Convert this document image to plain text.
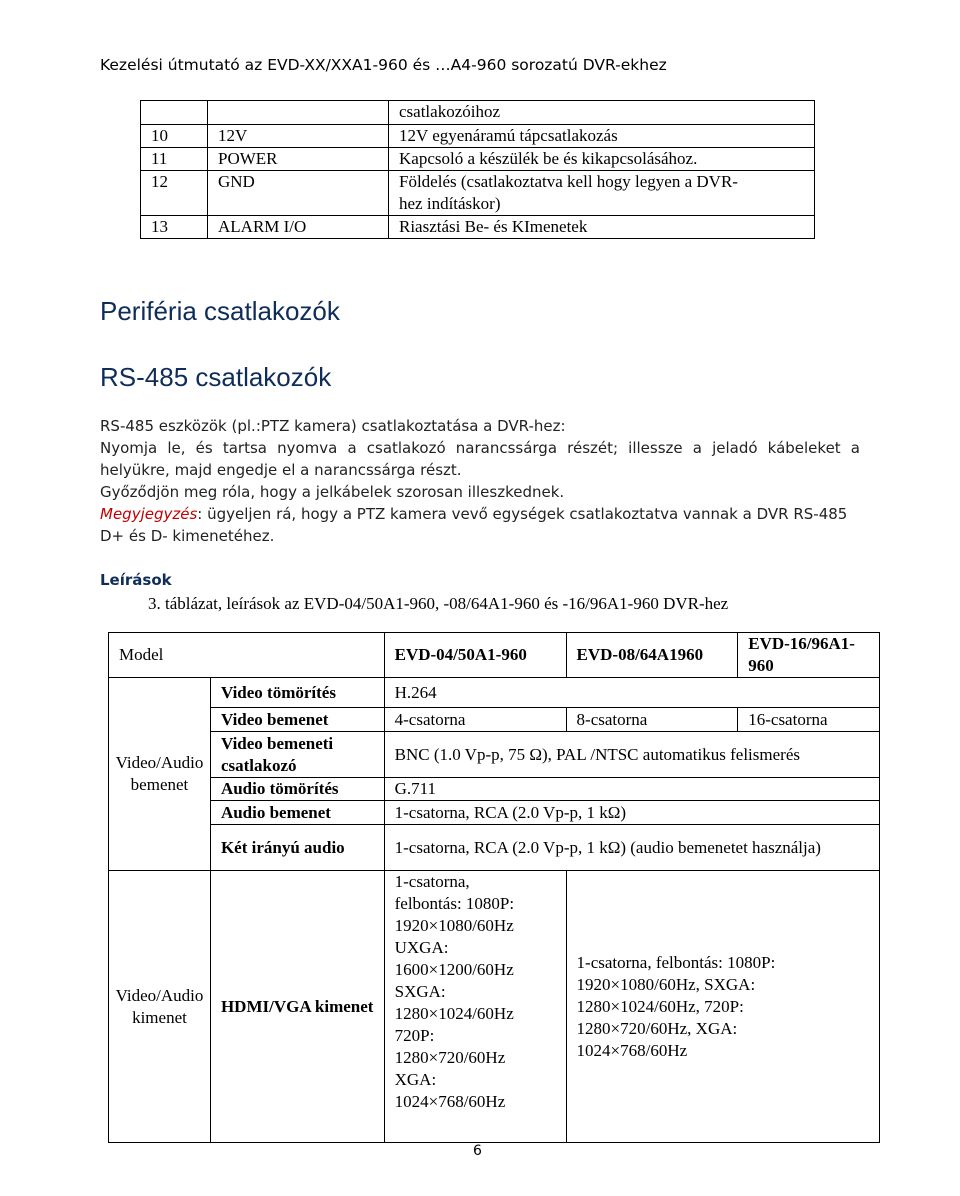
Kezelési útmutató az EVD-XX/XXA1-960 és …A4-960 sorozatú DVR-ekhez
		csatlakozóihoz
10	12V	12V egyenáramú tápcsatlakozás
11	POWER	Kapcsoló a készülék be és kikapcsolásához.
12	GND	Földelés (csatlakoztatva kell hogy legyen a DVR-hez indításkor)
13	ALARM I/O	Riasztási Be- és KImenetek
Periféria csatlakozók
RS-485 csatlakozók
RS-485 eszközök (pl.:PTZ kamera) csatlakoztatása a DVR-hez:
Nyomja le, és tartsa nyomva a csatlakozó narancssárga részét; illessze a jeladó kábeleket a helyükre, majd engedje el a narancssárga részt.
Győződjön meg róla, hogy a jelkábelek szorosan illeszkednek.
Megyjegyzés: ügyeljen rá, hogy a PTZ kamera vevő egységek csatlakoztatva vannak a DVR RS-485 D+ és D- kimenetéhez.
Leírások
3. táblázat, leírások az EVD-04/50A1-960, -08/64A1-960 és -16/96A1-960 DVR-hez
Model		EVD-04/50A1-960	EVD-08/64A1960	EVD-16/96A1-960
Video/Audio bemenet	Video tömörítés	H.264		
	Video bemenet	4-csatorna	8-csatorna	16-csatorna
	Video bemeneti csatlakozó	BNC (1.0 Vp-p, 75 Ω), PAL /NTSC automatikus felismerés		
	Audio tömörítés	G.711		
	Audio bemenet	1-csatorna, RCA (2.0 Vp-p, 1 kΩ)		
	Két irányú audio	1-csatorna, RCA (2.0 Vp-p, 1 kΩ) (audio bemenetet használja)		
Video/Audio kimenet	HDMI/VGA kimenet	1-csatorna, felbontás: 1080P: 1920×1080/60Hz UXGA: 1600×1200/60Hz SXGA: 1280×1024/60Hz 720P: 1280×720/60Hz XGA: 1024×768/60Hz	1-csatorna, felbontás: 1080P: 1920×1080/60Hz, SXGA: 1280×1024/60Hz, 720P: 1280×720/60Hz, XGA: 1024×768/60Hz	
6
